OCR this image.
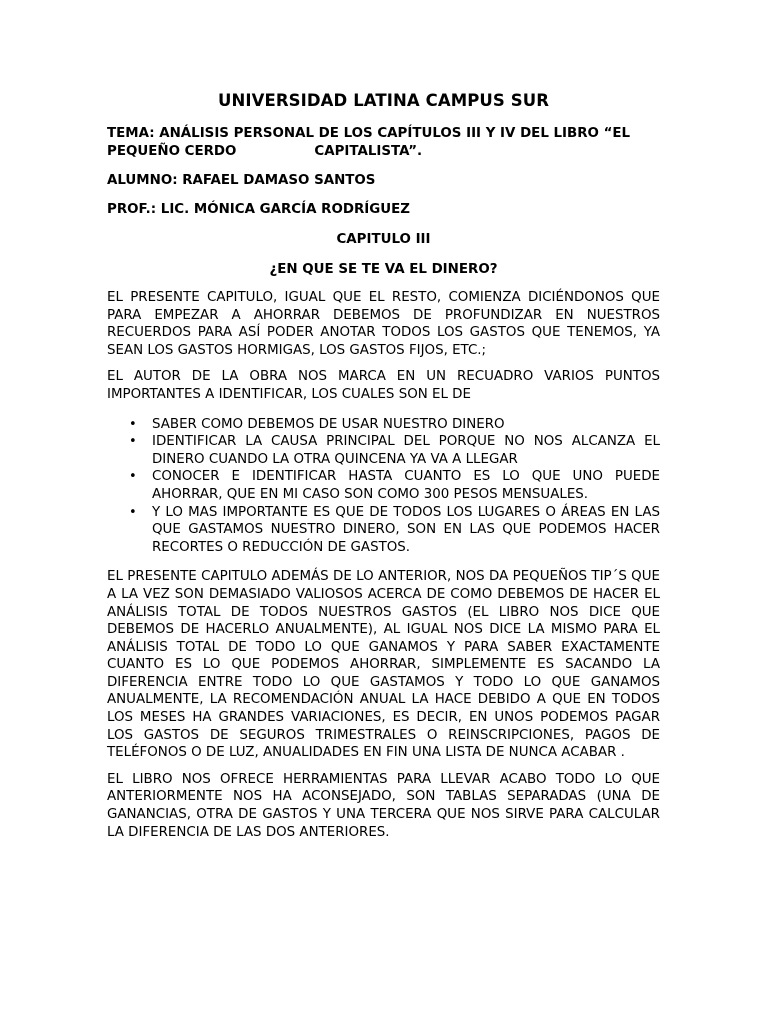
UNIVERSIDAD LATINA CAMPUS SUR
TEMA: ANÁLISIS PERSONAL DE LOS CAPÍTULOS III Y IV DEL LIBRO “EL
PEQUEÑO CERDO	CAPITALISTA”.
ALUMNO: RAFAEL DAMASO SANTOS
PROF.: LIC. MÓNICA GARCÍA RODRÍGUEZ
CAPITULO III
¿EN QUE SE TE VA EL DINERO?

EL PRESENTE CAPITULO, IGUAL QUE EL RESTO, COMIENZA DICIÉNDONOS QUE PARA EMPEZAR A AHORRAR DEBEMOS DE PROFUNDIZAR EN NUESTROS RECUERDOS PARA ASÍ PODER ANOTAR TODOS LOS GASTOS QUE TENEMOS, YA SEAN LOS GASTOS HORMIGAS, LOS GASTOS FIJOS, ETC.;

EL AUTOR DE LA OBRA NOS MARCA EN UN RECUADRO VARIOS PUNTOS IMPORTANTES A IDENTIFICAR, LOS CUALES SON EL DE

• SABER COMO DEBEMOS DE USAR NUESTRO DINERO
• IDENTIFICAR LA CAUSA PRINCIPAL DEL PORQUE NO NOS ALCANZA EL DINERO CUANDO LA OTRA QUINCENA YA VA A LLEGAR
• CONOCER E IDENTIFICAR HASTA CUANTO ES LO QUE UNO PUEDE AHORRAR, QUE EN MI CASO SON COMO 300 PESOS MENSUALES.
• Y LO MAS IMPORTANTE ES QUE DE TODOS LOS LUGARES O ÁREAS EN LAS QUE GASTAMOS NUESTRO DINERO, SON EN LAS QUE PODEMOS HACER RECORTES O REDUCCIÓN DE GASTOS.

EL PRESENTE CAPITULO ADEMÁS DE LO ANTERIOR, NOS DA PEQUEÑOS TIP´S QUE A LA VEZ SON DEMASIADO VALIOSOS ACERCA DE COMO DEBEMOS DE HACER EL ANÁLISIS TOTAL DE TODOS NUESTROS GASTOS (EL LIBRO NOS DICE QUE DEBEMOS DE HACERLO ANUALMENTE), AL IGUAL NOS DICE LA MISMO PARA EL ANÁLISIS TOTAL DE TODO LO QUE GANAMOS Y PARA SABER EXACTAMENTE CUANTO ES LO QUE PODEMOS AHORRAR, SIMPLEMENTE ES SACANDO LA DIFERENCIA ENTRE TODO LO QUE GASTAMOS Y TODO LO QUE GANAMOS ANUALMENTE, LA RECOMENDACIÓN ANUAL LA HACE DEBIDO A QUE EN TODOS LOS MESES HA GRANDES VARIACIONES, ES DECIR, EN UNOS PODEMOS PAGAR LOS GASTOS DE SEGUROS TRIMESTRALES O REINSCRIPCIONES, PAGOS DE TELÉFONOS O DE LUZ, ANUALIDADES EN FIN UNA LISTA DE NUNCA ACABAR .

EL LIBRO NOS OFRECE HERRAMIENTAS PARA LLEVAR ACABO TODO LO QUE ANTERIORMENTE NOS HA ACONSEJADO, SON TABLAS SEPARADAS (UNA DE GANANCIAS, OTRA DE GASTOS Y UNA TERCERA QUE NOS SIRVE PARA CALCULAR LA DIFERENCIA DE LAS DOS ANTERIORES.
